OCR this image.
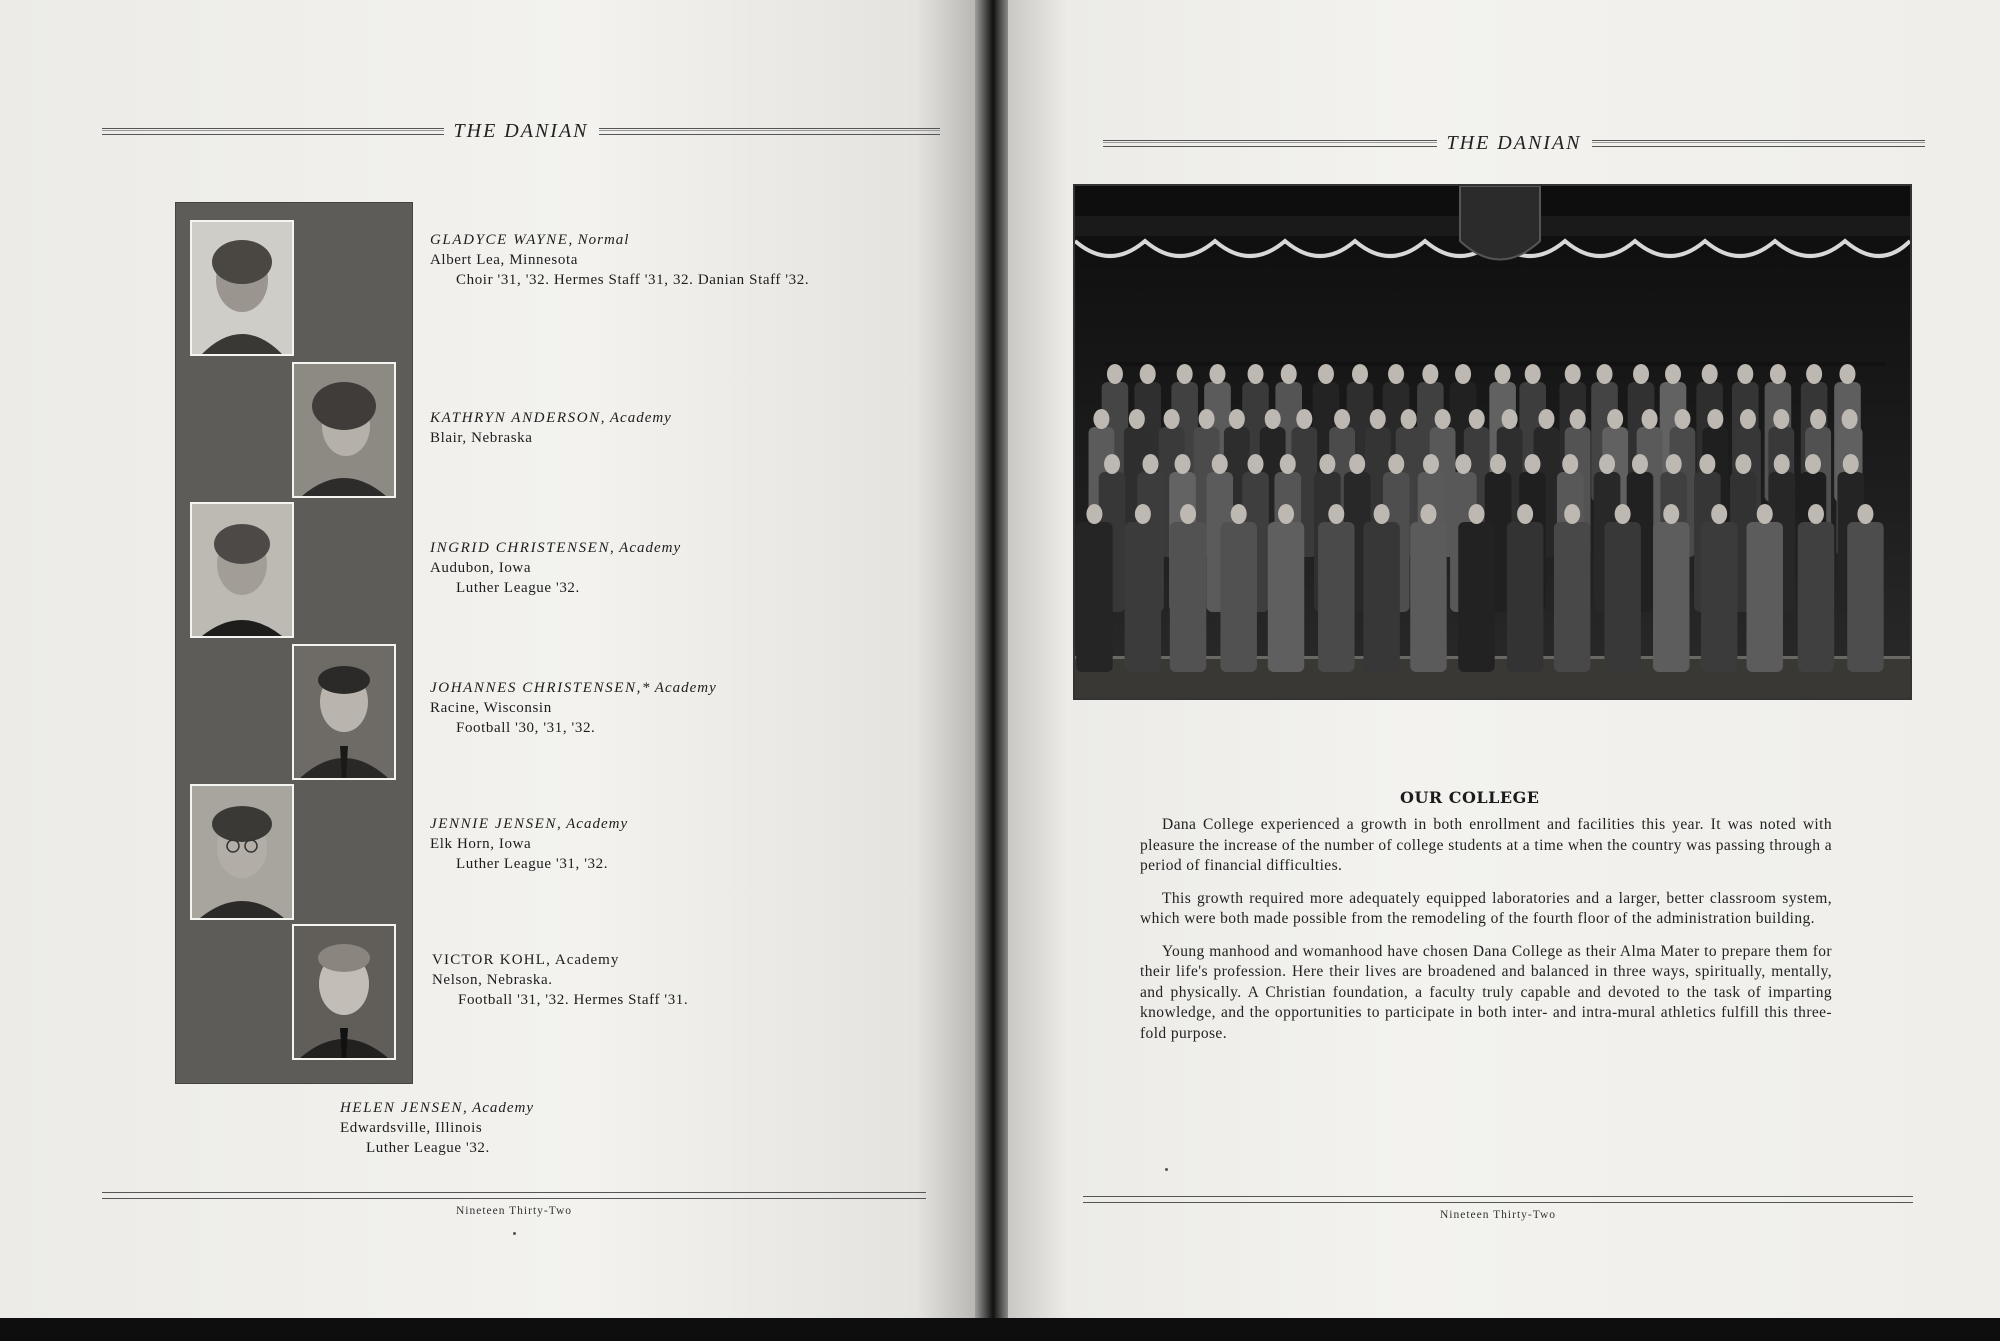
THE DANIAN
GLADYCE WAYNE, Normal
Albert Lea, Minnesota
Choir '31, '32. Hermes Staff '31, 32. Danian Staff '32.
KATHRYN ANDERSON, Academy
Blair, Nebraska
INGRID CHRISTENSEN, Academy
Audubon, Iowa
Luther League '32.
JOHANNES CHRISTENSEN,* Academy
Racine, Wisconsin
Football '30, '31, '32.
JENNIE JENSEN, Academy
Elk Horn, Iowa
Luther League '31, '32.
VICTOR KOHL, Academy
Nelson, Nebraska.
Football '31, '32. Hermes Staff '31.
HELEN JENSEN, Academy
Edwardsville, Illinois
Luther League '32.
Nineteen Thirty-Two
THE DANIAN
Nineteen Thirty-Two
OUR COLLEGE

Dana College experienced a growth in both enrollment and facilities this year. It was noted with pleasure the increase of the number of college students at a time when the country was passing through a period of financial difficulties.

This growth required more adequately equipped laboratories and a larger, better classroom system, which were both made possible from the remodeling of the fourth floor of the administration building.

Young manhood and womanhood have chosen Dana College as their Alma Mater to prepare them for their life's profession. Here their lives are broadened and balanced in three ways, spiritually, mentally, and physically. A Christian foundation, a faculty truly capable and devoted to the task of imparting knowledge, and the opportunities to participate in both inter- and intra-mural athletics fulfill this three-fold purpose.
